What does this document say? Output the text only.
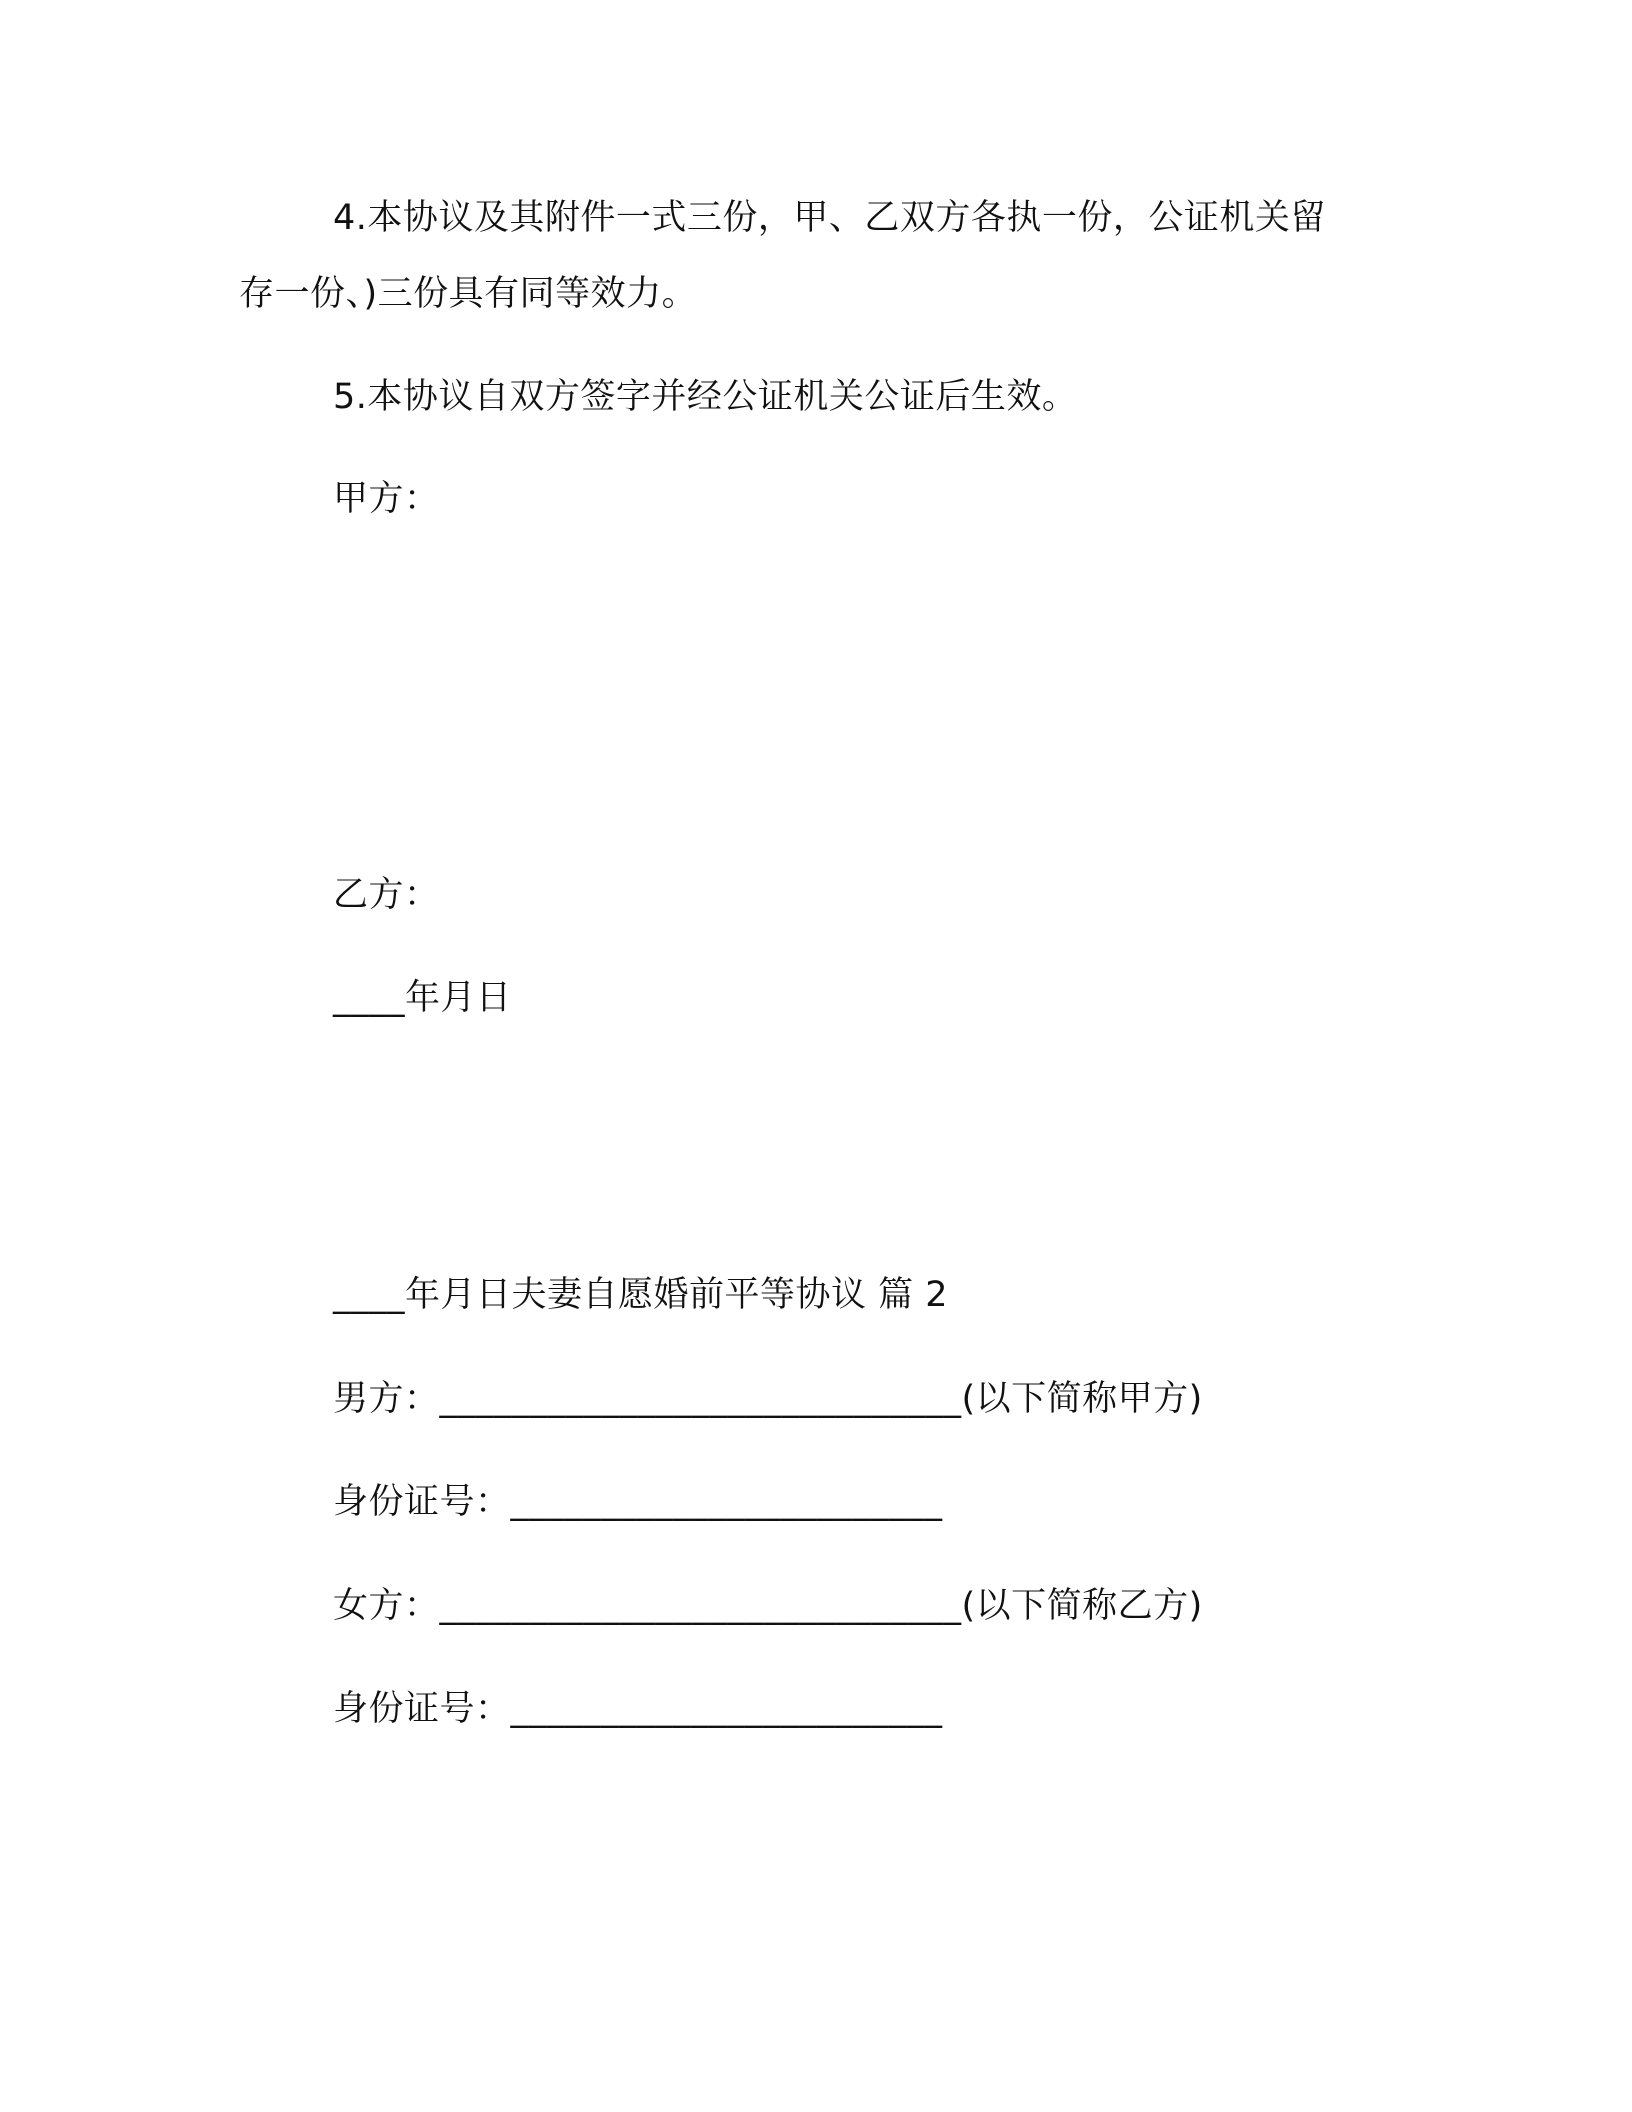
4.本协议及其附件一式三份，甲、乙双方各执一份，公证机关留
存一份、)三份具有同等效力。
5.本协议自双方签字并经公证机关公证后生效。
甲方：
乙方：
____年月日
____年月日夫妻自愿婚前平等协议 篇 2
男方：_____________________________(以下简称甲方)
身份证号：________________________
女方：_____________________________(以下简称乙方)
身份证号：________________________
